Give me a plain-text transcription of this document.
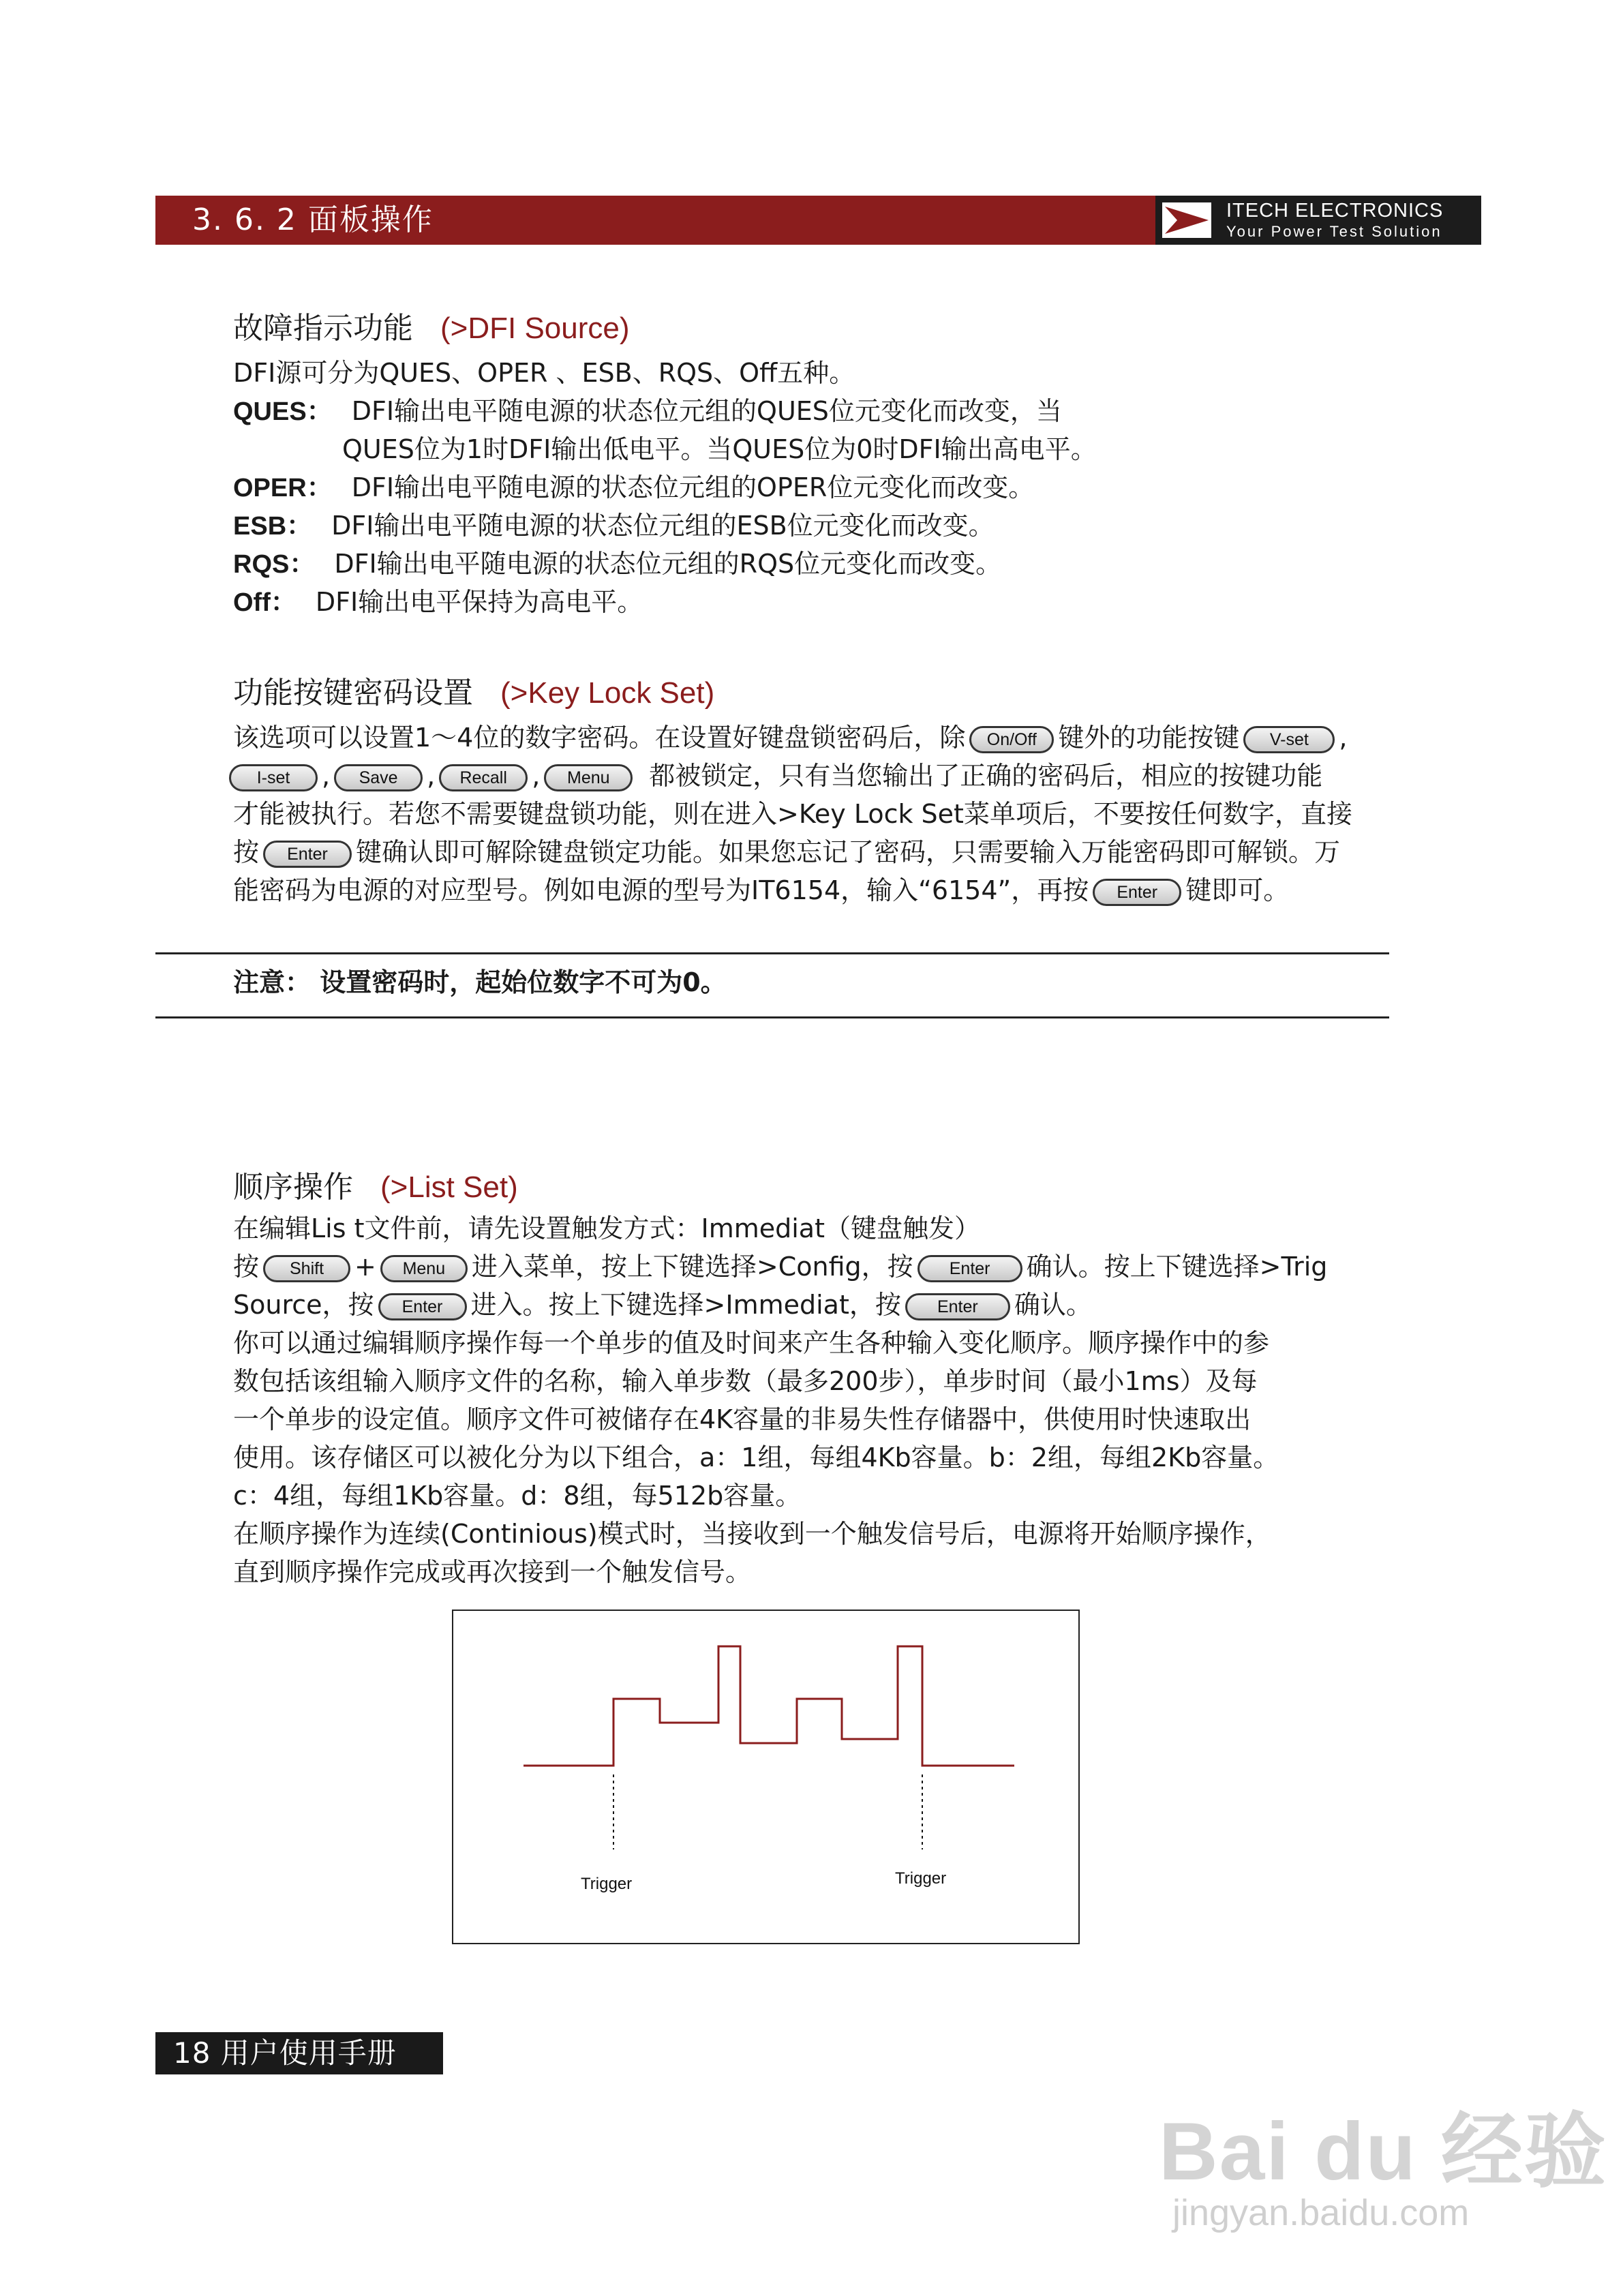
3. 6. 2 面板操作	ITECH ELECTRONICS
Your Power Test Solution
故障指示功能 (>DFI Source)
DFI源可分为QUES、OPER 、ESB、RQS、Off五种。
QUES： DFI输出电平随电源的状态位元组的QUES位元变化而改变，当
QUES位为1时DFI输出低电平。当QUES位为0时DFI输出高电平。
OPER： DFI输出电平随电源的状态位元组的OPER位元变化而改变。
ESB： DFI输出电平随电源的状态位元组的ESB位元变化而改变。
RQS： DFI输出电平随电源的状态位元组的RQS位元变化而改变。
Off： DFI输出电平保持为高电平。
功能按键密码设置 (>Key Lock Set)
该选项可以设置1～4位的数字密码。在设置好键盘锁密码后，除 On/Off 键外的功能按键 V-set ,
I-set , Save , Recall , Menu 都被锁定，只有当您输出了正确的密码后，相应的按键功能
才能被执行。若您不需要键盘锁功能，则在进入>Key Lock Set菜单项后，不要按任何数字，直接
按 Enter 键确认即可解除键盘锁定功能。如果您忘记了密码，只需要输入万能密码即可解锁。万
能密码为电源的对应型号。例如电源的型号为IT6154，输入“6154”，再按 Enter 键即可。
注意： 设置密码时，起始位数字不可为0。
顺序操作 (>List Set)
在编辑Lis t文件前，请先设置触发方式：Immediat（键盘触发）
按 Shift + Menu 进入菜单，按上下键选择>Config，按 Enter 确认。按上下键选择>Trig
Source，按 Enter 进入。按上下键选择>Immediat，按 Enter 确认。
你可以通过编辑顺序操作每一个单步的值及时间来产生各种输入变化顺序。顺序操作中的参
数包括该组输入顺序文件的名称，输入单步数（最多200步），单步时间（最小1ms）及每
一个单步的设定值。顺序文件可被储存在4K容量的非易失性存储器中，供使用时快速取出
使用。该存储区可以被化分为以下组合，a：1组，每组4Kb容量。b：2组，每组2Kb容量。
c：4组，每组1Kb容量。d：8组，每512b容量。
在顺序操作为连续(Continious)模式时，当接收到一个触发信号后，电源将开始顺序操作，
直到顺序操作完成或再次接到一个触发信号。
Trigger	Trigger
18 用户使用手册
Bai du 经验
jingyan.baidu.com
